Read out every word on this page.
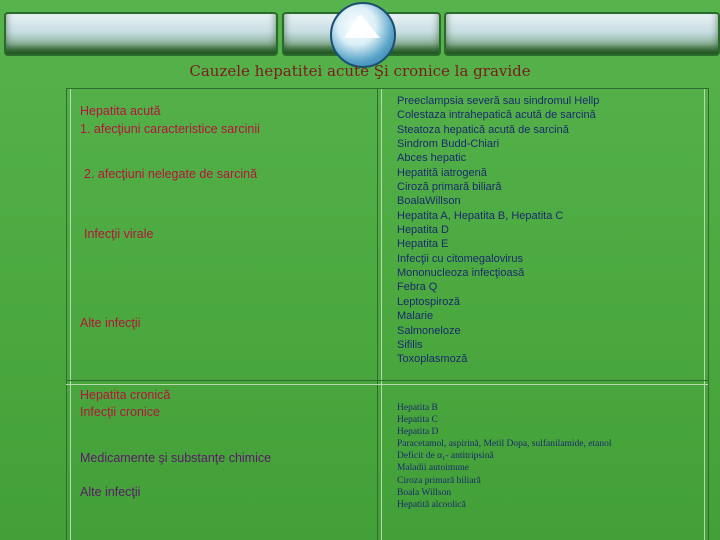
Cauzele hepatitei acute Şi cronice la gravide
Hepatita acută
1. afecţiuni caracteristice sarcinii
2. afecţiuni nelegate de sarcină
Infecţii virale
Alte infecţii
Preeclampsia severă sau sindromul Hellp
Colestaza intrahepatică acută de sarcină
Steatoza hepatică acută de sarcină
Sindrom Budd-Chiari
Abces hepatic
Hepatită iatrogenă
Ciroză primară biliară
BoalaWillson
Hepatita A, Hepatita B, Hepatita C
Hepatita D
Hepatita E
Infecţii cu citomegalovirus
Mononucleoza infecţioasă
Febra Q
Leptospiroză
Malarie
Salmoneloze
Sifilis
Toxoplasmoză
Hepatita cronică
Infecţii cronice
Medicamente şi substanţe chimice
Alte infecţii
Hepatita B
Hepatita C
Hepatita D
Paracetamol, aspirină, Metil Dopa, sulfanilamide, etanol
Deficit de α₁- antitripsină
Maladii autoimune
Ciroza primară biliară
Boala Willson
Hepatită alcoolică
